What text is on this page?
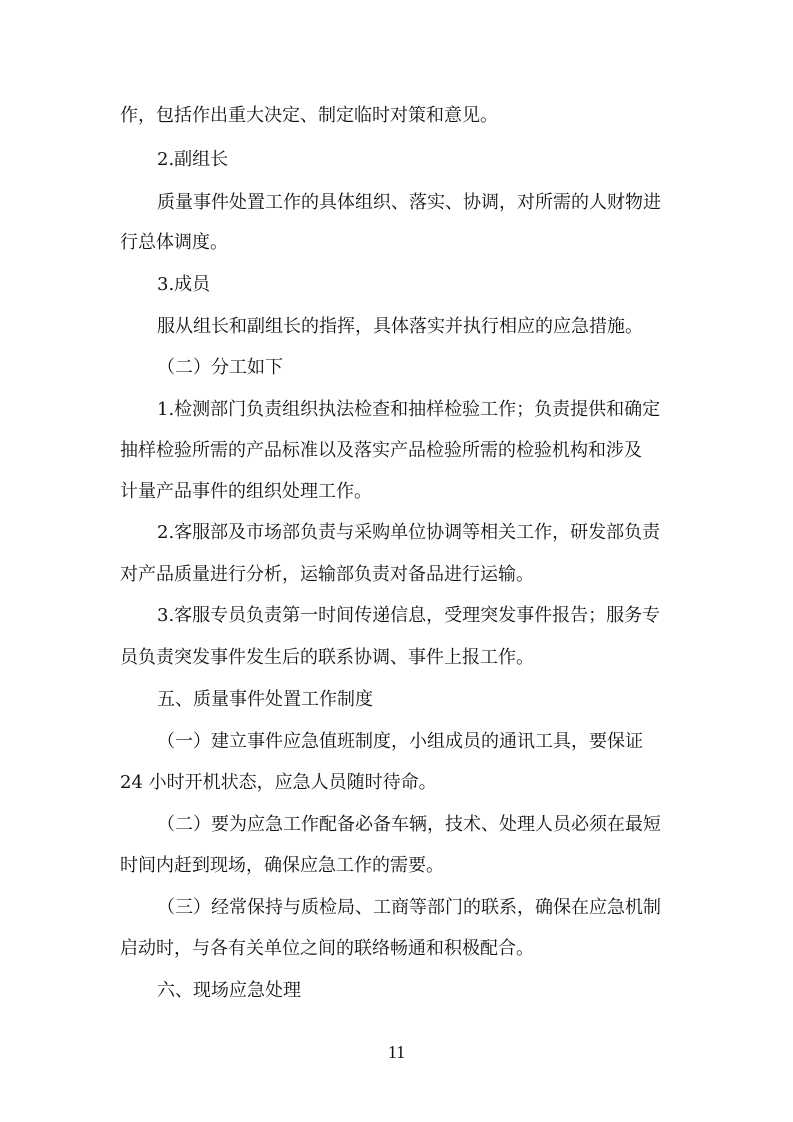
作，包括作出重大决定、制定临时对策和意见。
2.副组长
质量事件处置工作的具体组织、落实、协调，对所需的人财物进
行总体调度。
3.成员
服从组长和副组长的指挥，具体落实并执行相应的应急措施。
（二）分工如下
1.检测部门负责组织执法检查和抽样检验工作；负责提供和确定
抽样检验所需的产品标准以及落实产品检验所需的检验机构和涉及
计量产品事件的组织处理工作。
2.客服部及市场部负责与采购单位协调等相关工作，研发部负责
对产品质量进行分析，运输部负责对备品进行运输。
3.客服专员负责第一时间传递信息，受理突发事件报告；服务专
员负责突发事件发生后的联系协调、事件上报工作。
五、质量事件处置工作制度
（一）建立事件应急值班制度，小组成员的通讯工具，要保证
24 小时开机状态，应急人员随时待命。
（二）要为应急工作配备必备车辆，技术、处理人员必须在最短
时间内赶到现场，确保应急工作的需要。
（三）经常保持与质检局、工商等部门的联系，确保在应急机制
启动时，与各有关单位之间的联络畅通和积极配合。
六、现场应急处理
11
